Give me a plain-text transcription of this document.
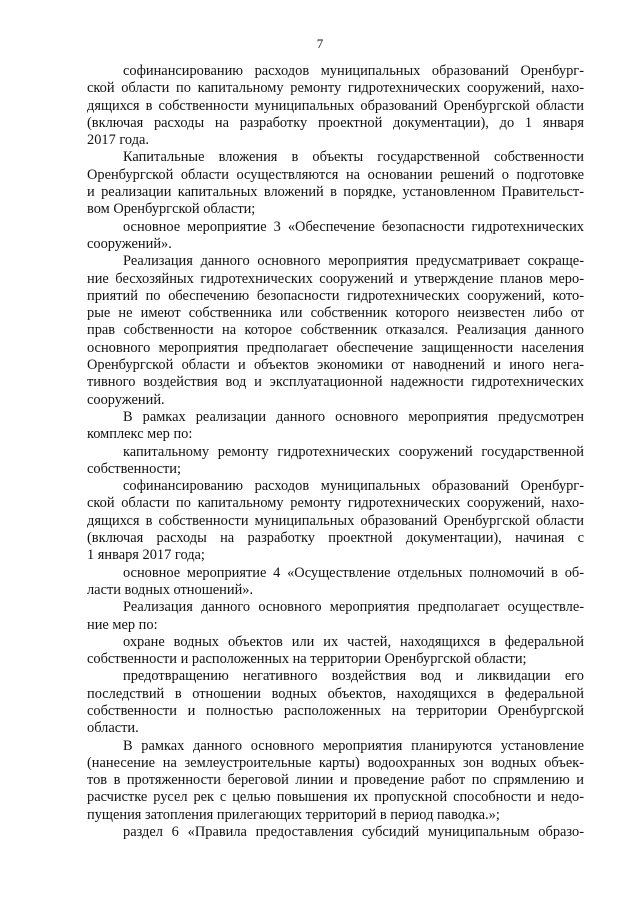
7
софинансированию расходов муниципальных образований Оренбург-
ской области по капитальному ремонту гидротехнических сооружений, нахо-
дящихся в собственности муниципальных образований Оренбургской области
(включая расходы на разработку проектной документации), до 1 января
2017 года.
Капитальные вложения в объекты государственной собственности
Оренбургской области осуществляются на основании решений о подготовке
и реализации капитальных вложений в порядке, установленном Правительст-
вом Оренбургской области;
основное мероприятие 3 «Обеспечение безопасности гидротехнических
сооружений».
Реализация данного основного мероприятия предусматривает сокраще-
ние бесхозяйных гидротехнических сооружений и утверждение планов меро-
приятий по обеспечению безопасности гидротехнических сооружений, кото-
рые не имеют собственника или собственник которого неизвестен либо от
прав собственности на которое собственник отказался. Реализация данного
основного мероприятия предполагает обеспечение защищенности населения
Оренбургской области и объектов экономики от наводнений и иного нега-
тивного воздействия вод и эксплуатационной надежности гидротехнических
сооружений.
В рамках реализации данного основного мероприятия предусмотрен
комплекс мер по:
капитальному ремонту гидротехнических сооружений государственной
собственности;
софинансированию расходов муниципальных образований Оренбург-
ской области по капитальному ремонту гидротехнических сооружений, нахо-
дящихся в собственности муниципальных образований Оренбургской области
(включая расходы на разработку проектной документации), начиная с
1 января 2017 года;
основное мероприятие 4 «Осуществление отдельных полномочий в об-
ласти водных отношений».
Реализация данного основного мероприятия предполагает осуществле-
ние мер по:
охране водных объектов или их частей, находящихся в федеральной
собственности и расположенных на территории Оренбургской области;
предотвращению негативного воздействия вод и ликвидации его
последствий в отношении водных объектов, находящихся в федеральной
собственности и полностью расположенных на территории Оренбургской
области.
В рамках данного основного мероприятия планируются установление
(нанесение на землеустроительные карты) водоохранных зон водных объек-
тов в протяженности береговой линии и проведение работ по спрямлению и
расчистке русел рек с целью повышения их пропускной способности и недо-
пущения затопления прилегающих территорий в период паводка.»;
раздел 6 «Правила предоставления субсидий муниципальным образо-
